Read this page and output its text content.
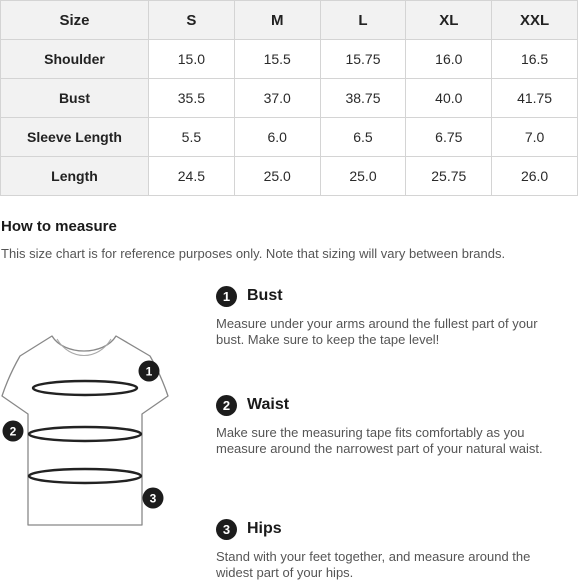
Size	S	M	L	XL	XXL
Shoulder	15.0	15.5	15.75	16.0	16.5
Bust	35.5	37.0	38.75	40.0	41.75
Sleeve Length	5.5	6.0	6.5	6.75	7.0
Length	24.5	25.0	25.0	25.75	26.0
How to measure
This size chart is for reference purposes only. Note that sizing will vary between brands.
1
2
3
1	Bust
Measure under your arms around the fullest part of your bust. Make sure to keep the tape level!
2	Waist
Make sure the measuring tape fits comfortably as you measure around the narrowest part of your natural waist.
3	Hips
Stand with your feet together, and measure around the widest part of your hips.
